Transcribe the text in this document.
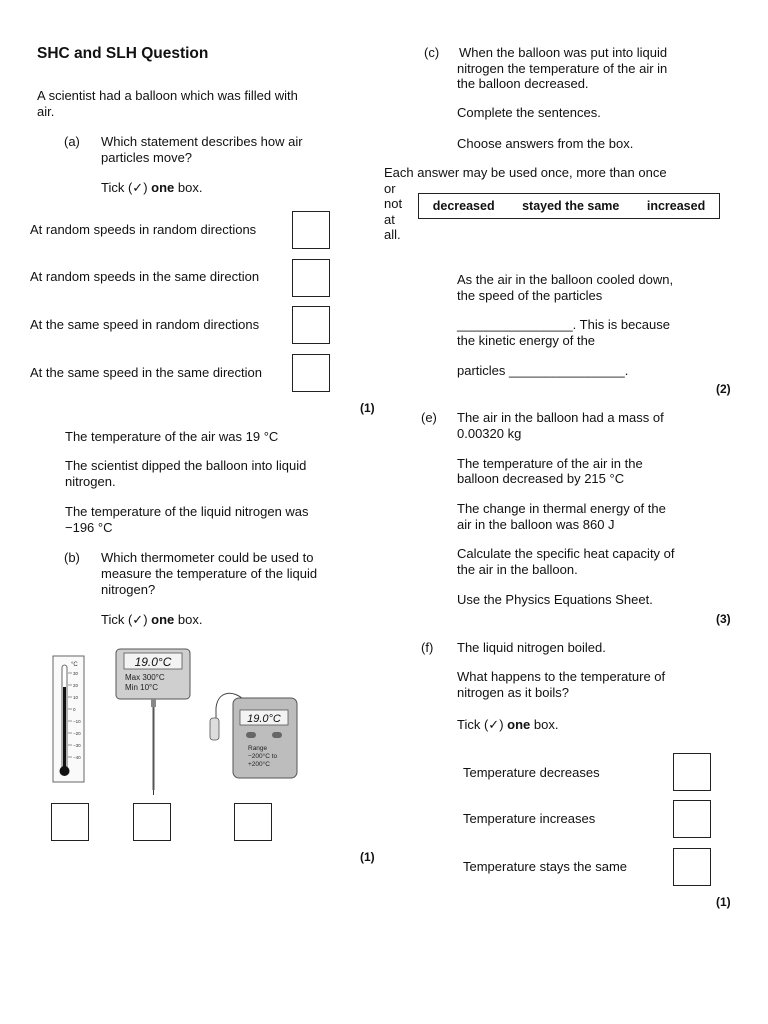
SHC and SLH Question
A scientist had a balloon which was filled with
air.
(a) Which statement describes how air
particles move?
Tick (✓) one box.
At random speeds in random directions
At random speeds in the same direction
At the same speed in random directions
At the same speed in the same direction
(1)
The temperature of the air was 19 °C
The scientist dipped the balloon into liquid
nitrogen.
The temperature of the liquid nitrogen was
−196 °C
(b) Which thermometer could be used to
measure the temperature of the liquid
nitrogen?
Tick (✓) one box.
°C
30
20
10
0
−10
−20
−30
−40
19.0°C
Max 300°C
Min 10°C
19.0°C
Range
−200°C to
+200°C
(1)
(c) When the balloon was put into liquid
nitrogen the temperature of the air in
the balloon decreased.
Complete the sentences.
Choose answers from the box.
Each answer may be used once, more than once
or
not
at
all.
decreased stayed the same increased
As the air in the balloon cooled down,
the speed of the particles
________________. This is because
the kinetic energy of the
particles ________________.
(2)
(e) The air in the balloon had a mass of
0.00320 kg
The temperature of the air in the
balloon decreased by 215 °C
The change in thermal energy of the
air in the balloon was 860 J
Calculate the specific heat capacity of
the air in the balloon.
Use the Physics Equations Sheet.
(3)
(f) The liquid nitrogen boiled.
What happens to the temperature of
nitrogen as it boils?
Tick (✓) one box.
Temperature decreases
Temperature increases
Temperature stays the same
(1)
